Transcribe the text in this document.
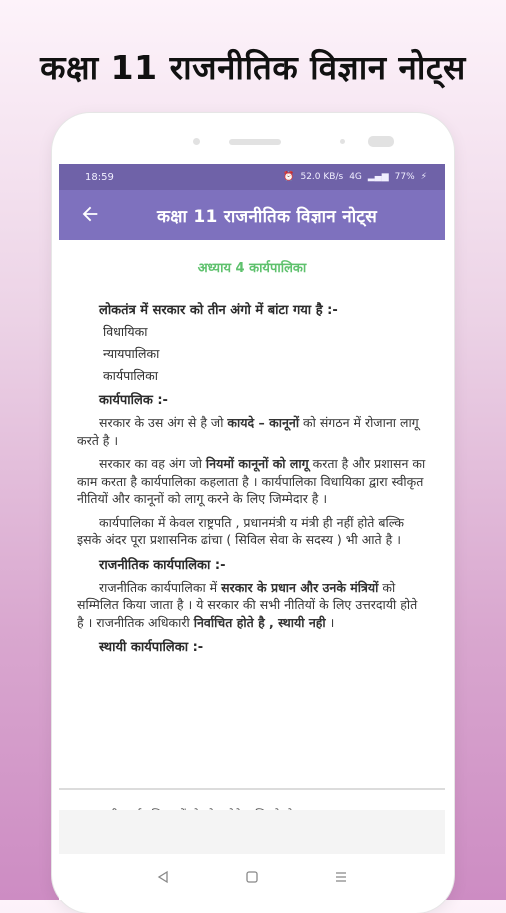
कक्षा 11 राजनीतिक विज्ञान नोट्स
18:59	⏰ 52.0 KB/s 4G ▂▄▆ 77% ⚡
कक्षा 11 राजनीतिक विज्ञान नोट्स
अध्याय 4 कार्यपालिका

लोकतंत्र में सरकार को तीन अंगो में बांटा गया है :-

विधायिका
न्यायपालिका
कार्यपालिका
कार्यपालिक :-

सरकार के उस अंग से है जो कायदे – कानूनों को संगठन में रोजाना लागू करते है ।

सरकार का वह अंग जो नियमों कानूनों को लागू करता है और प्रशासन का काम करता है कार्यपालिका कहलाता है । कार्यपालिका विधायिका द्वारा स्वीकृत नीतियों और कानूनों को लागू करने के लिए जिम्मेदार है ।

कार्यपालिका में केवल राष्ट्रपति , प्रधानमंत्री य मंत्री ही नहीं होते बल्कि इसके अंदर पूरा प्रशासनिक ढांचा ( सिविल सेवा के सदस्य ) भी आते है ।

राजनीतिक कार्यपालिका :-

राजनीतिक कार्यपालिका में सरकार के प्रधान और उनके मंत्रियों को सम्मिलित किया जाता है । ये सरकार की सभी नीतियों के लिए उत्तरदायी होते है । राजनीतिक अधिकारी निर्वाचित होते है , स्थायी नही ।

स्थायी कार्यपालिका :-
